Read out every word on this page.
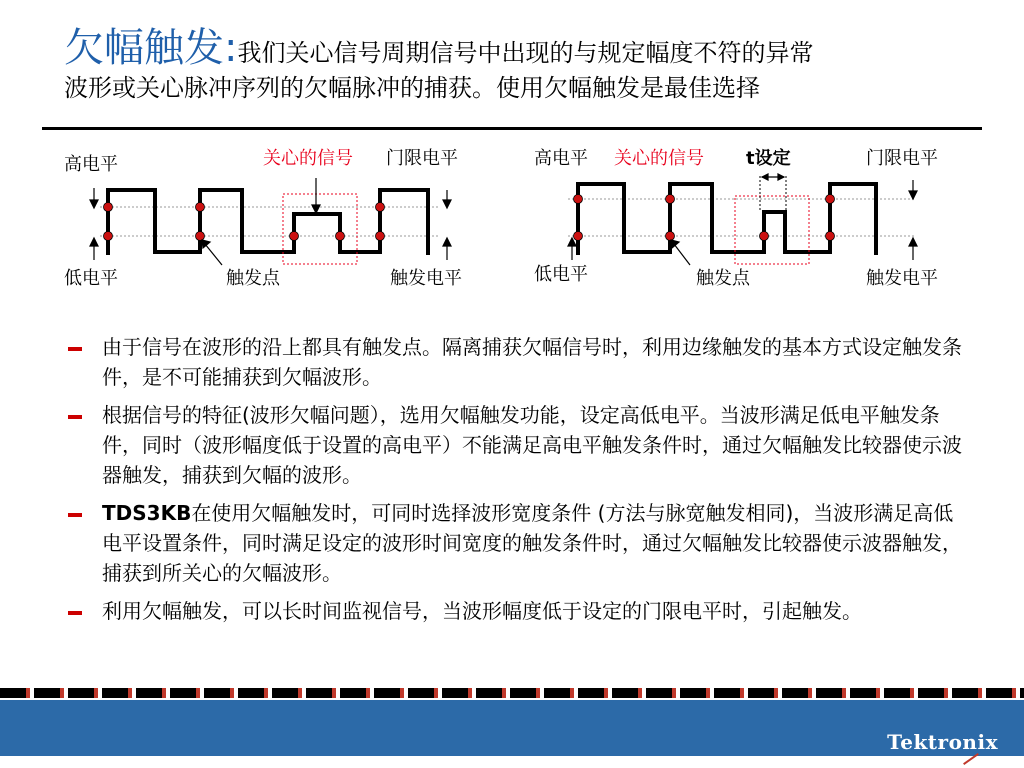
欠幅触发:我们关心信号周期信号中出现的与规定幅度不符的异常
波形或关心脉冲序列的欠幅脉冲的捕获。使用欠幅触发是最佳选择
高电平	关心的信号 门限电平
低电平	触发点	触发电平
高电平 关心的信号 t设定	门限电平
低电平	触发点	触发电平
由于信号在波形的沿上都具有触发点。隔离捕获欠幅信号时，利用边缘触发的基本方式设定触发条件，是不可能捕获到欠幅波形。
根据信号的特征(波形欠幅问题），选用欠幅触发功能，设定高低电平。当波形满足低电平触发条件，同时（波形幅度低于设置的高电平）不能满足高电平触发条件时，通过欠幅触发比较器使示波器触发，捕获到欠幅的波形。
TDS3KB在使用欠幅触发时，可同时选择波形宽度条件 (方法与脉宽触发相同)，当波形满足高低电平设置条件，同时满足设定的波形时间宽度的触发条件时，通过欠幅触发比较器使示波器触发，捕获到所关心的欠幅波形。
利用欠幅触发，可以长时间监视信号，当波形幅度低于设定的门限电平时，引起触发。
Tektronix
